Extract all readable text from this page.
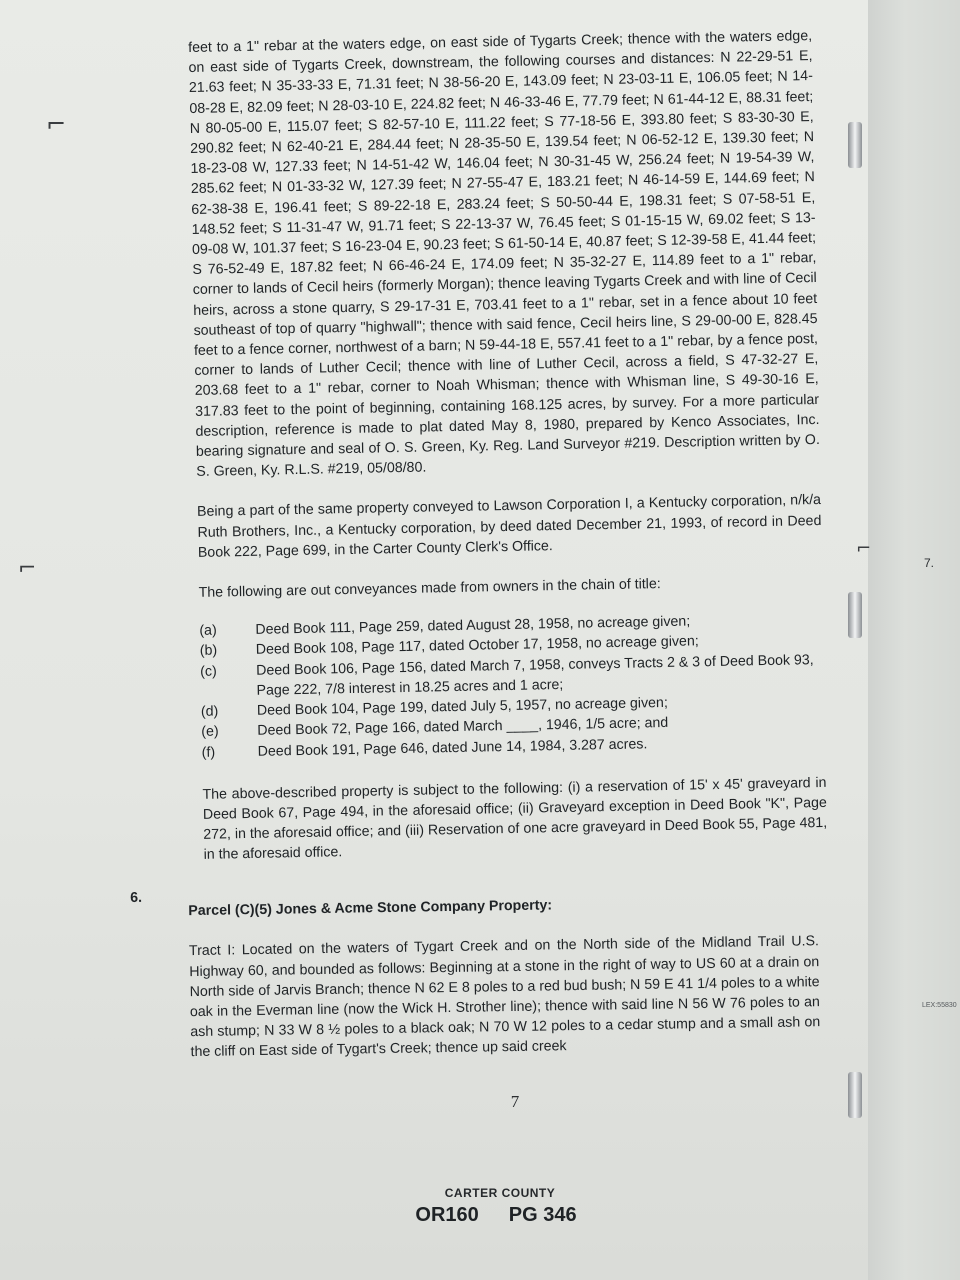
7.
LEX:55830
⌐
⌐
⌐

feet to a 1" rebar at the waters edge, on east side of Tygarts Creek; thence with the waters edge, on east side of Tygarts Creek, downstream, the following courses and distances: N 22-29-51 E, 21.63 feet; N 35-33-33 E, 71.31 feet; N 38-56-20 E, 143.09 feet; N 23-03-11 E, 106.05 feet; N 14-08-28 E, 82.09 feet; N 28-03-10 E, 224.82 feet; N 46-33-46 E, 77.79 feet; N 61-44-12 E, 88.31 feet; N 80-05-00 E, 115.07 feet; S 82-57-10 E, 111.22 feet; S 77-18-56 E, 393.80 feet; S 83-30-30 E, 290.82 feet; N 62-40-21 E, 284.44 feet; N 28-35-50 E, 139.54 feet; N 06-52-12 E, 139.30 feet; N 18-23-08 W, 127.33 feet; N 14-51-42 W, 146.04 feet; N 30-31-45 W, 256.24 feet; N 19-54-39 W, 285.62 feet; N 01-33-32 W, 127.39 feet; N 27-55-47 E, 183.21 feet; N 46-14-59 E, 144.69 feet; N 62-38-38 E, 196.41 feet; S 89-22-18 E, 283.24 feet; S 50-50-44 E, 198.31 feet; S 07-58-51 E, 148.52 feet; S 11-31-47 W, 91.71 feet; S 22-13-37 W, 76.45 feet; S 01-15-15 W, 69.02 feet; S 13-09-08 W, 101.37 feet; S 16-23-04 E, 90.23 feet; S 61-50-14 E, 40.87 feet; S 12-39-58 E, 41.44 feet; S 76-52-49 E, 187.82 feet; N 66-46-24 E, 174.09 feet; N 35-32-27 E, 114.89 feet to a 1" rebar, corner to lands of Cecil heirs (formerly Morgan); thence leaving Tygarts Creek and with line of Cecil heirs, across a stone quarry, S 29-17-31 E, 703.41 feet to a 1" rebar, set in a fence about 10 feet southeast of top of quarry "highwall"; thence with said fence, Cecil heirs line, S 29-00-00 E, 828.45 feet to a fence corner, northwest of a barn; N 59-44-18 E, 557.41 feet to a 1" rebar, by a fence post, corner to lands of Luther Cecil; thence with line of Luther Cecil, across a field, S 47-32-27 E, 203.68 feet to a 1" rebar, corner to Noah Whisman; thence with Whisman line, S 49-30-16 E, 317.83 feet to the point of beginning, containing 168.125 acres, by survey. For a more particular description, reference is made to plat dated May 8, 1980, prepared by Kenco Associates, Inc. bearing signature and seal of O. S. Green, Ky. Reg. Land Surveyor #219. Description written by O. S. Green, Ky. R.L.S. #219, 05/08/80.

Being a part of the same property conveyed to Lawson Corporation I, a Kentucky corporation, n/k/a Ruth Brothers, Inc., a Kentucky corporation, by deed dated December 21, 1993, of record in Deed Book 222, Page 699, in the Carter County Clerk's Office.

The following are out conveyances made from owners in the chain of title:

(a)	Deed Book 111, Page 259, dated August 28, 1958, no acreage given;
(b)	Deed Book 108, Page 117, dated October 17, 1958, no acreage given;
(c)	Deed Book 106, Page 156, dated March 7, 1958, conveys Tracts 2 & 3 of Deed Book 93, Page 222, 7/8 interest in 18.25 acres and 1 acre;
(d)	Deed Book 104, Page 199, dated July 5, 1957, no acreage given;
(e)	Deed Book 72, Page 166, dated March ____, 1946, 1/5 acre; and
(f)	Deed Book 191, Page 646, dated June 14, 1984, 3.287 acres.

The above-described property is subject to the following: (i) a reservation of 15' x 45' graveyard in Deed Book 67, Page 494, in the aforesaid office; (ii) Graveyard exception in Deed Book "K", Page 272, in the aforesaid office; and (iii) Reservation of one acre graveyard in Deed Book 55, Page 481, in the aforesaid office.

6.	Parcel (C)(5) Jones & Acme Stone Company Property:

Tract I: Located on the waters of Tygart Creek and on the North side of the Midland Trail U.S. Highway 60, and bounded as follows: Beginning at a stone in the right of way to US 60 at a drain on North side of Jarvis Branch; thence N 62 E 8 poles to a red bud bush; N 59 E 41 1/4 poles to a white oak in the Everman line (now the Wick H. Strother line); thence with said line N 56 W 76 poles to an ash stump; N 33 W 8 ½ poles to a black oak; N 70 W 12 poles to a cedar stump and a small ash on the cliff on East side of Tygart's Creek; thence up said creek

7
CARTER COUNTY
OR160 PG 346
